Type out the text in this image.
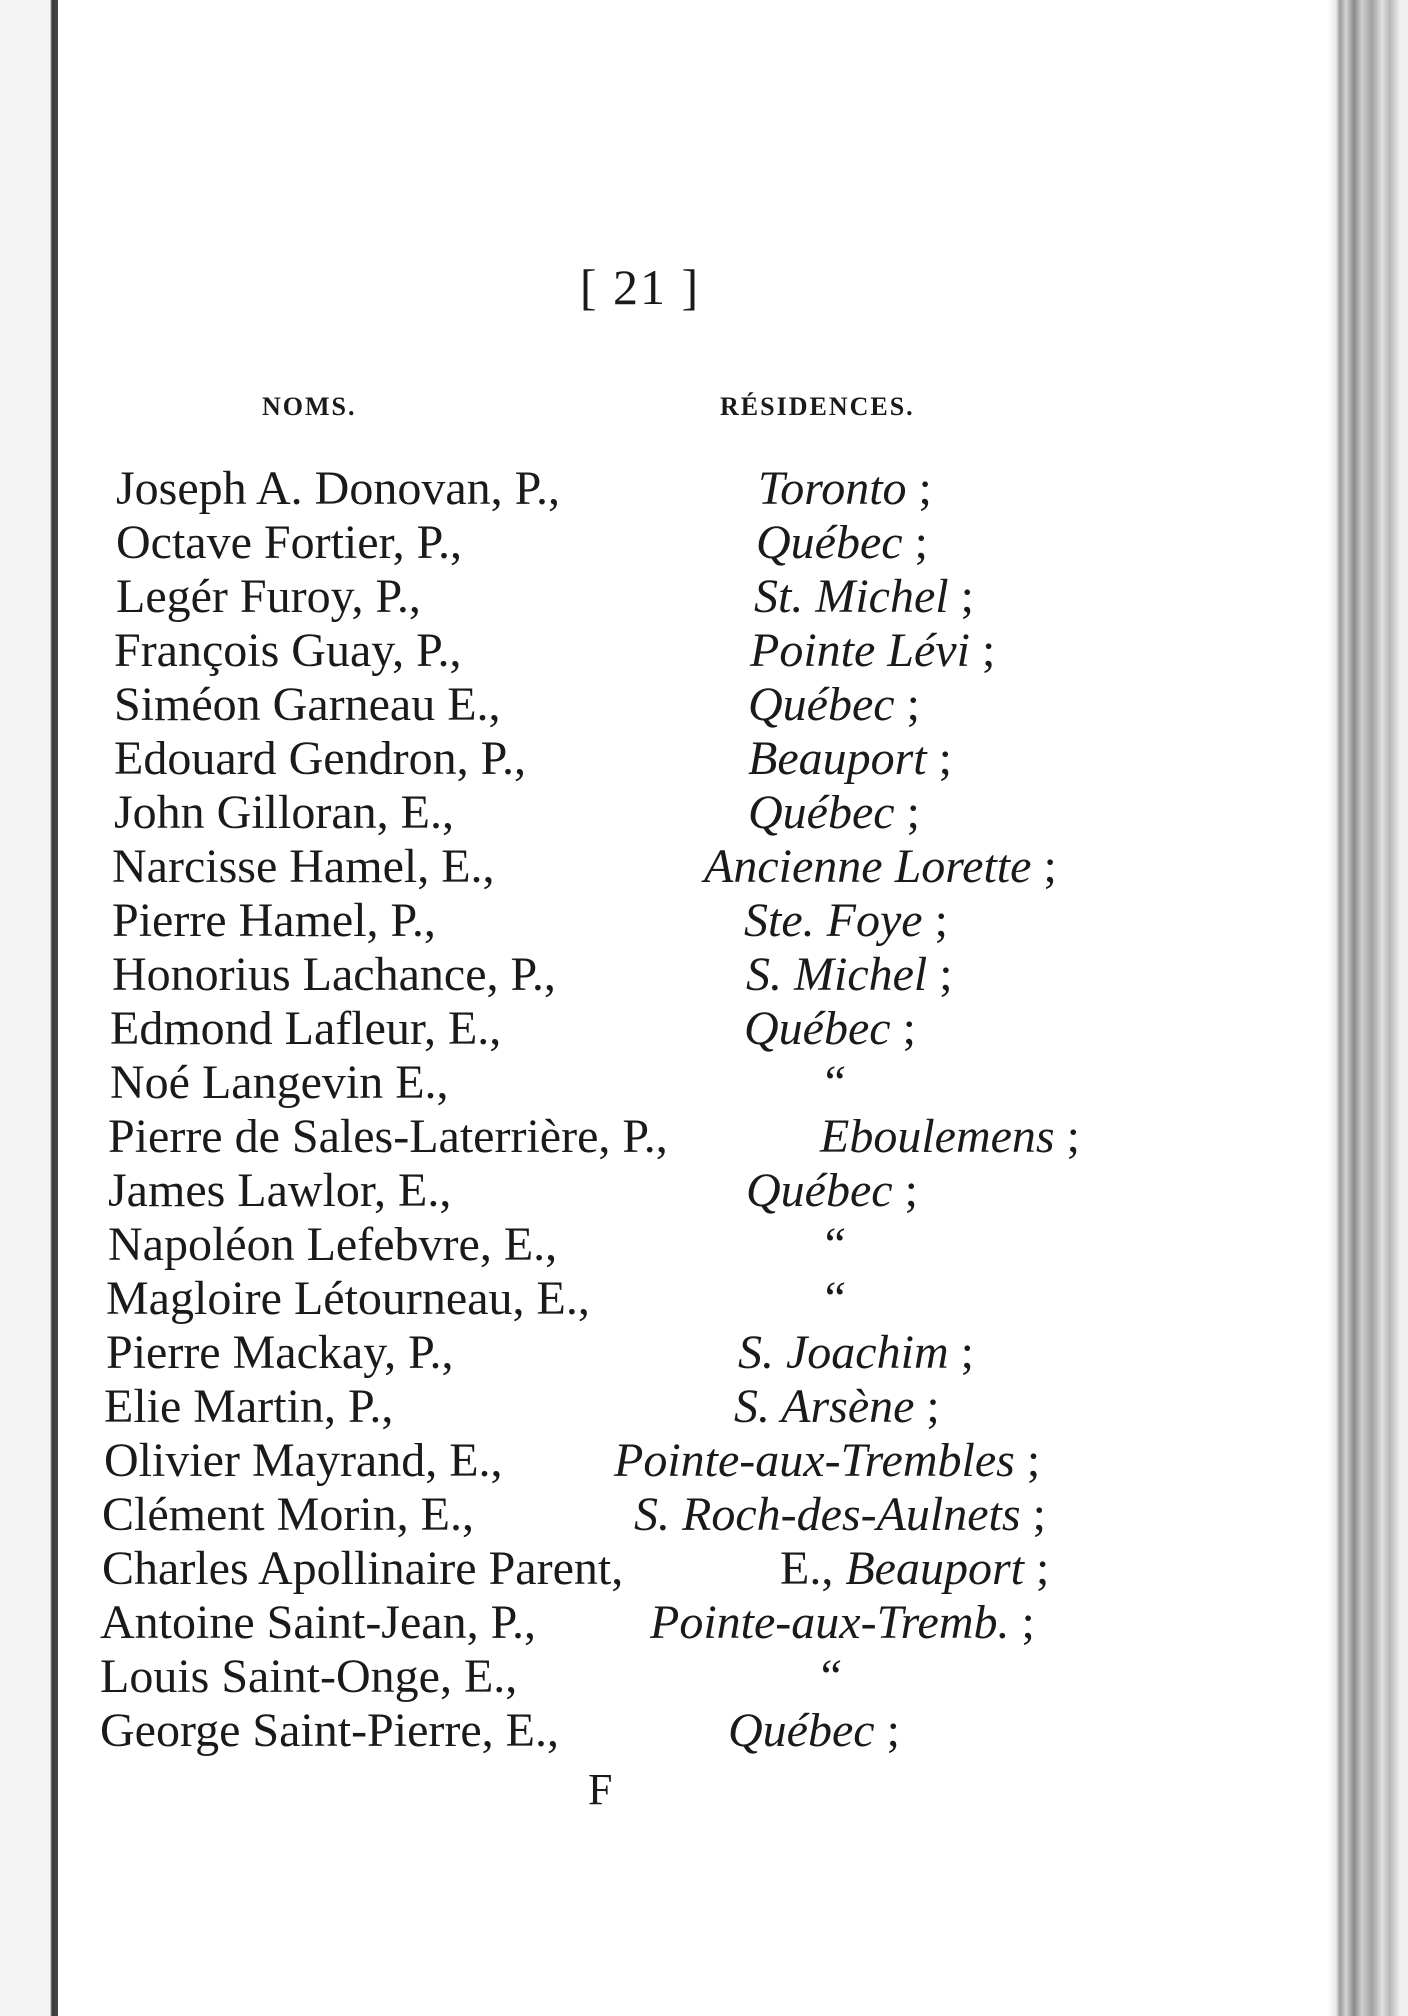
[ 21 ]
NOMS.	RÉSIDENCES.
Joseph A. Donovan, P.,	Toronto ;
Octave Fortier, P.,	Québec ;
Legér Furoy, P.,	St. Michel ;
François Guay, P.,	Pointe Lévi ;
Siméon Garneau E.,	Québec ;
Edouard Gendron, P.,	Beauport ;
John Gilloran, E.,	Québec ;
Narcisse Hamel, E.,	Ancienne Lorette ;
Pierre Hamel, P.,	Ste. Foye ;
Honorius Lachance, P.,	S. Michel ;
Edmond Lafleur, E.,	Québec ;
Noé Langevin E.,	“
Pierre de Sales-Laterrière, P.,	Eboulemens ;
James Lawlor, E.,	Québec ;
Napoléon Lefebvre, E.,	“
Magloire Létourneau, E.,	“
Pierre Mackay, P.,	S. Joachim ;
Elie Martin, P.,	S. Arsène ;
Olivier Mayrand, E., Pointe-aux-Trembles ;
Clément Morin, E.,	S. Roch-des-Aulnets ;
Charles Apollinaire Parent,	E., Beauport ;
Antoine Saint-Jean, P., Pointe-aux-Tremb. ;
Louis Saint-Onge, E.,	“
George Saint-Pierre, E.,	Québec ;
F
